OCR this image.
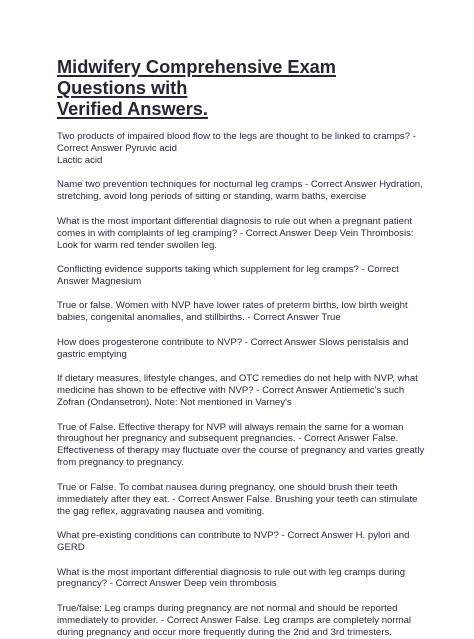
Midwifery Comprehensive Exam Questions with
Verified Answers.

Two products of impaired blood flow to the legs are thought to be linked to cramps? -
Correct Answer Pyruvic acid
Lactic acid

Name two prevention techniques for nocturnal leg cramps - Correct Answer Hydration,
stretching, avoid long periods of sitting or standing, warm baths, exercise

What is the most important differential diagnosis to rule out when a pregnant patient
comes in with complaints of leg cramping? - Correct Answer Deep Vein Thrombosis:
Look for warm red tender swollen leg.

Conflicting evidence supports taking which supplement for leg cramps? - Correct
Answer Magnesium

True or false. Women with NVP have lower rates of preterm births, low birth weight
babies, congenital anomalies, and stillbirths. - Correct Answer True

How does progesterone contribute to NVP? - Correct Answer Slows peristalsis and
gastric emptying

If dietary measures, lifestyle changes, and OTC remedies do not help with NVP, what
medicine has shown to be effective with NVP? - Correct Answer Antiemetic's such
Zofran (Ondansetron). Note: Not mentioned in Varney's

True of False. Effective therapy for NVP will always remain the same for a woman
throughout her pregnancy and subsequent pregnancies. - Correct Answer False.
Effectiveness of therapy may fluctuate over the course of pregnancy and varies greatly
from pregnancy to pregnancy.

True or False. To combat nausea during pregnancy, one should brush their teeth
immediately after they eat. - Correct Answer False. Brushing your teeth can stimulate
the gag reflex, aggravating nausea and vomiting.

What pre-existing conditions can contribute to NVP? - Correct Answer H. pylori and
GERD

What is the most important differential diagnosis to rule out with leg cramps during
pregnancy? - Correct Answer Deep vein thrombosis

True/false: Leg cramps during pregnancy are not normal and should be reported
immediately to provider. - Correct Answer False. Leg cramps are completely normal
during pregnancy and occur more frequently during the 2nd and 3rd trimesters.
